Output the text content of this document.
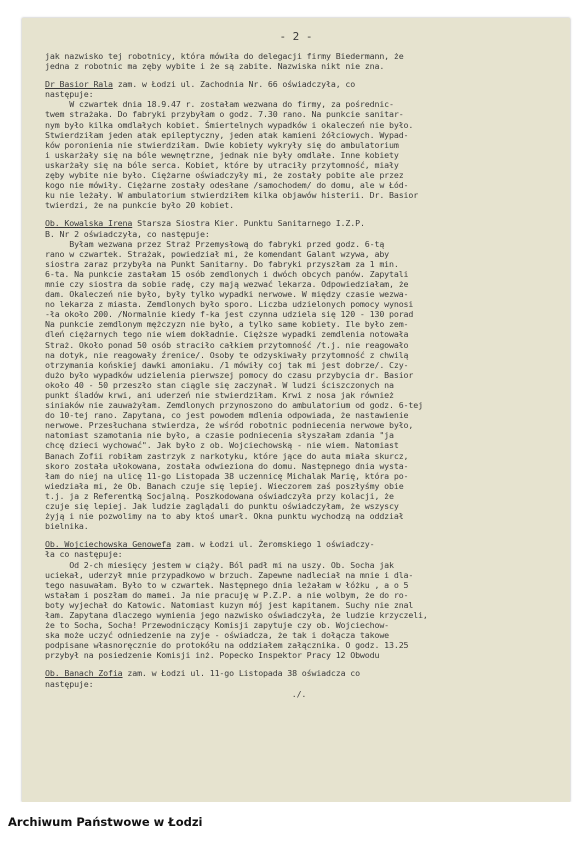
- 2 -
jak nazwisko tej robotnicy, która mówiła do delegacji firmy Biedermann, że
jedna z robotnic ma zęby wybite i że są zabite. Nazwiska nikt nie zna.
Dr Basior Rala zam. w Łodzi ul. Zachodnia Nr. 66 oświadczyła, co
następuje:
W czwartek dnia 18.9.47 r. zostałam wezwana do firmy, za pośrednic-
twem strażaka. Do fabryki przybyłam o godz. 7.30 rano. Na punkcie sanitar-
nym było kilka omdlałych kobiet. Śmiertelnych wypadków i okaleczeń nie było.
Stwierdziłam jeden atak epileptyczny, jeden atak kamieni żółciowych. Wypad-
ków poronienia nie stwierdziłam. Dwie kobiety wykryły się do ambulatorium
i uskarżały się na bóle wewnętrzne, jednak nie były omdlałe. Inne kobiety
uskarżały się na bóle serca. Kobiet, które by utraciły przytomność, miały
zęby wybite nie było. Ciężarne oświadczyły mi, że zostały pobite ale przez
kogo nie mówiły. Ciężarne zostały odesłane /samochodem/ do domu, ale w Łód-
ku nie leżały. W ambulatorium stwierdziłem kilka objawów histerii. Dr. Basior
twierdzi, że na punkcie było 20 kobiet.
Ob. Kowalska Irena Starsza Siostra Kier. Punktu Sanitarnego I.Z.P.
B. Nr 2 oświadczyła, co następuje:
Byłam wezwana przez Straż Przemysłową do fabryki przed godz. 6-tą
rano w czwartek. Strażak, powiedział mi, że komendant Galant wzywa, aby
siostra zaraz przybyła na Punkt Sanitarny. Do fabryki przyszłam za 1 min.
6-ta. Na punkcie zastałam 15 osób zemdlonych i dwóch obcych panów. Zapytali
mnie czy siostra da sobie radę, czy mają wezwać lekarza. Odpowiedziałam, że
dam. Okaleczeń nie było, były tylko wypadki nerwowe. W między czasie wezwa-
no lekarza z miasta. Zemdlonych było sporo. Liczba udzielonych pomocy wynosi
-ła około 200. /Normalnie kiedy f-ka jest czynna udziela się 120 - 130 porad
Na punkcie zemdlonym mężczyzn nie było, a tylko same kobiety. Ile było zem-
dleń ciężarnych tego nie wiem dokładnie. Cięższe wypadki zemdlenia notowała
Straż. Około ponad 50 osób straciło całkiem przytomność /t.j. nie reagowało
na dotyk, nie reagowały źrenice/. Osoby te odzyskiwały przytomność z chwilą
otrzymania końskiej dawki amoniaku. /1 mówiły coj tak mi jest dobrze/. Czy-
dużo było wypadków udzielenia pierwszej pomocy do czasu przybycia dr. Basior
około 40 - 50 przeszło stan ciągle się zaczynał. W ludzi ściszczonych na
punkt śladów krwi, ani uderzeń nie stwierdziłam. Krwi z nosa jak również
siniaków nie zauważyłam. Zemdlonych przynoszono do ambulatorium od godz. 6-tej
do 10-tej rano. Zapytana, co jest powodem mdlenia odpowiada, że nastawienie
nerwowe. Przesłuchana stwierdza, że wśród robotnic podniecenia nerwowe było,
natomiast szamotania nie było, a czasie podniecenia słyszałam zdania "ja
chcę dzieci wychować". Jak było z ob. Wojciechowską - nie wiem. Natomiast
Banach Zofii robiłam zastrzyk z narkotyku, które jące do auta miała skurcz,
skoro została ułokowana, została odwieziona do domu. Następnego dnia wysta-
łam do niej na ulicę 11-go Listopada 38 uczennicę Michalak Marię, która po-
wiedziała mi, że Ob. Banach czuje się lepiej. Wieczorem zaś poszłyśmy obie
t.j. ja z Referentką Socjalną. Poszkodowana oświadczyła przy kolacji, że
czuje się lepiej. Jak ludzie zaglądali do punktu oświadczyłam, że wszyscy
żyją i nie pozwolimy na to aby ktoś umarł. Okna punktu wychodzą na oddział
bielnika.
Ob. Wojciechowska Genowefa zam. w Łodzi ul. Żeromskiego 1 oświadczy-
ła co następuje:
Od 2-ch miesięcy jestem w ciąży. Ból padł mi na uszy. Ob. Socha jak
uciekał, uderzył mnie przypadkowo w brzuch. Zapewne nadleciał na mnie i dla-
tego nasuwałam. Było to w czwartek. Następnego dnia leżałam w łóżku , a o 5
wstałam i poszłam do mamei. Ja nie pracuję w P.Z.P. a nie wolbym, że do ro-
boty wyjechał do Katowic. Natomiast kuzyn mój jest kapitanem. Suchy nie znal
łam. Zapytana dlaczego wymienia jego nazwisko oświadczyła, że ludzie krzyczeli,
że to Socha, Socha! Przewodniczący Komisji zapytuje czy ob. Wojciechow-
ska może uczyć odniedzenie na zyje - oświadcza, że tak i dołącza takowe
podpisane własnoręcznie do protokółu na oddziałem załącznika. O godz. 13.25
przybył na posiedzenie Komisji inż. Popecko Inspektor Pracy 12 Obwodu
Ob. Banach Zofia zam. w Łodzi ul. 11-go Listopada 38 oświadcza co
następuje:
./.
Archiwum Państwowe w Łodzi
